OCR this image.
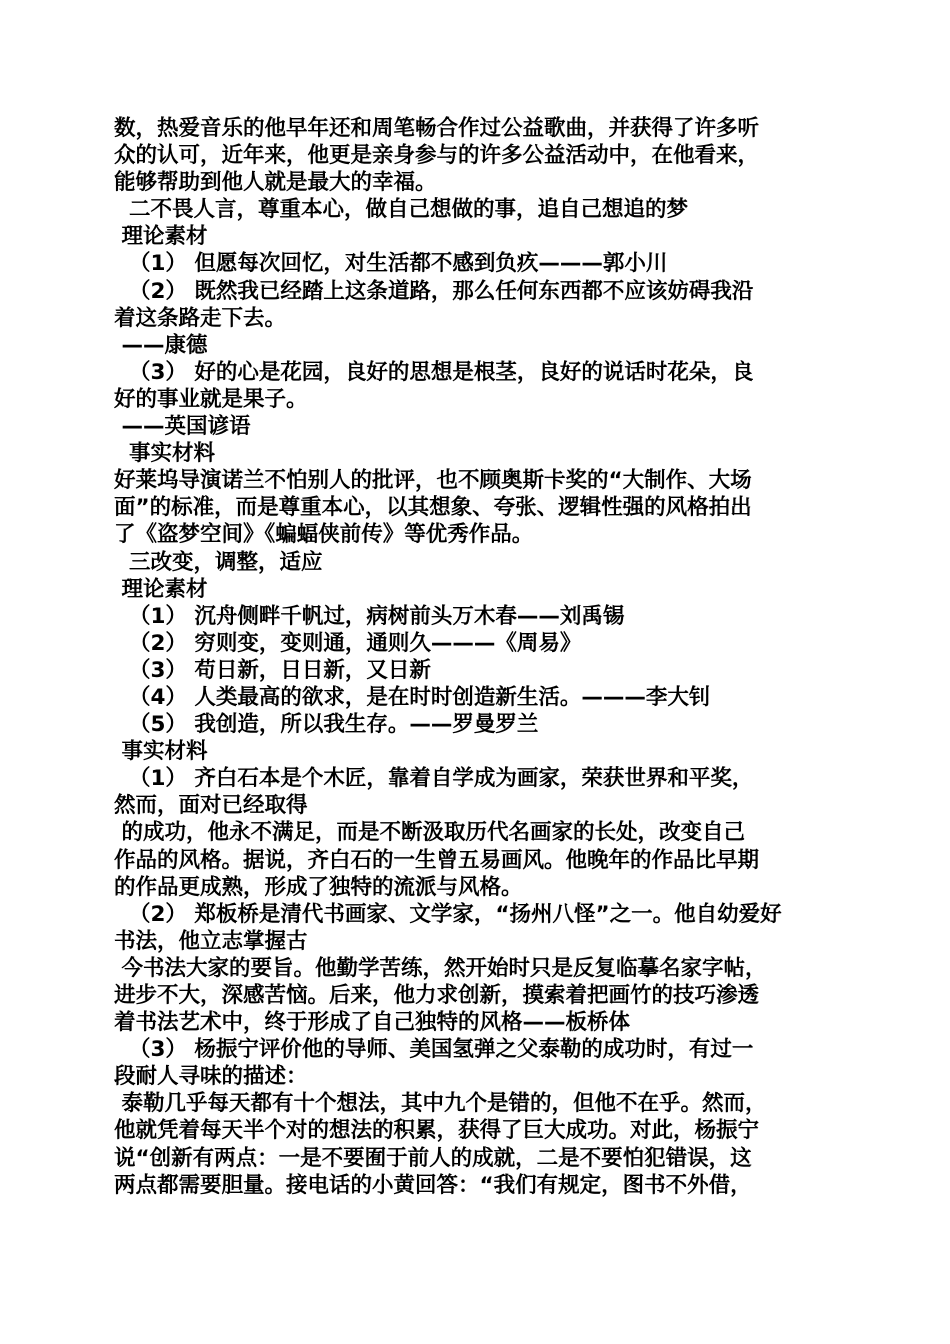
数，热爱音乐的他早年还和周笔畅合作过公益歌曲，并获得了许多听
众的认可，近年来，他更是亲身参与的许多公益活动中，在他看来，
能够帮助到他人就是最大的幸福。
二不畏人言，尊重本心，做自己想做的事，追自己想追的梦
理论素材
（1） 但愿每次回忆，对生活都不感到负疚———郭小川
（2） 既然我已经踏上这条道路，那么任何东西都不应该妨碍我沿
着这条路走下去。
——康德
（3） 好的心是花园，良好的思想是根茎，良好的说话时花朵，良
好的事业就是果子。
——英国谚语
事实材料
好莱坞导演诺兰不怕别人的批评，也不顾奥斯卡奖的“大制作、大场
面”的标准，而是尊重本心，以其想象、夸张、逻辑性强的风格拍出
了《盗梦空间》《蝙蝠侠前传》等优秀作品。
三改变，调整，适应
理论素材
（1） 沉舟侧畔千帆过，病树前头万木春——刘禹锡
（2） 穷则变，变则通，通则久———《周易》
（3） 苟日新，日日新，又日新
（4） 人类最高的欲求，是在时时创造新生活。———李大钊
（5） 我创造，所以我生存。——罗曼罗兰
事实材料
（1） 齐白石本是个木匠，靠着自学成为画家，荣获世界和平奖，
然而，面对已经取得
的成功，他永不满足，而是不断汲取历代名画家的长处，改变自己
作品的风格。据说，齐白石的一生曾五易画风。他晚年的作品比早期
的作品更成熟，形成了独特的流派与风格。
（2） 郑板桥是清代书画家、文学家，“扬州八怪”之一。他自幼爱好
书法，他立志掌握古
今书法大家的要旨。他勤学苦练，然开始时只是反复临摹名家字帖，
进步不大，深感苦恼。后来，他力求创新，摸索着把画竹的技巧渗透
着书法艺术中，终于形成了自己独特的风格——板桥体
（3） 杨振宁评价他的导师、美国氢弹之父泰勒的成功时，有过一
段耐人寻味的描述：
泰勒几乎每天都有十个想法，其中九个是错的，但他不在乎。然而，
他就凭着每天半个对的想法的积累，获得了巨大成功。对此，杨振宁
说“创新有两点：一是不要囿于前人的成就，二是不要怕犯错误，这
两点都需要胆量。接电话的小黄回答：“我们有规定，图书不外借，
